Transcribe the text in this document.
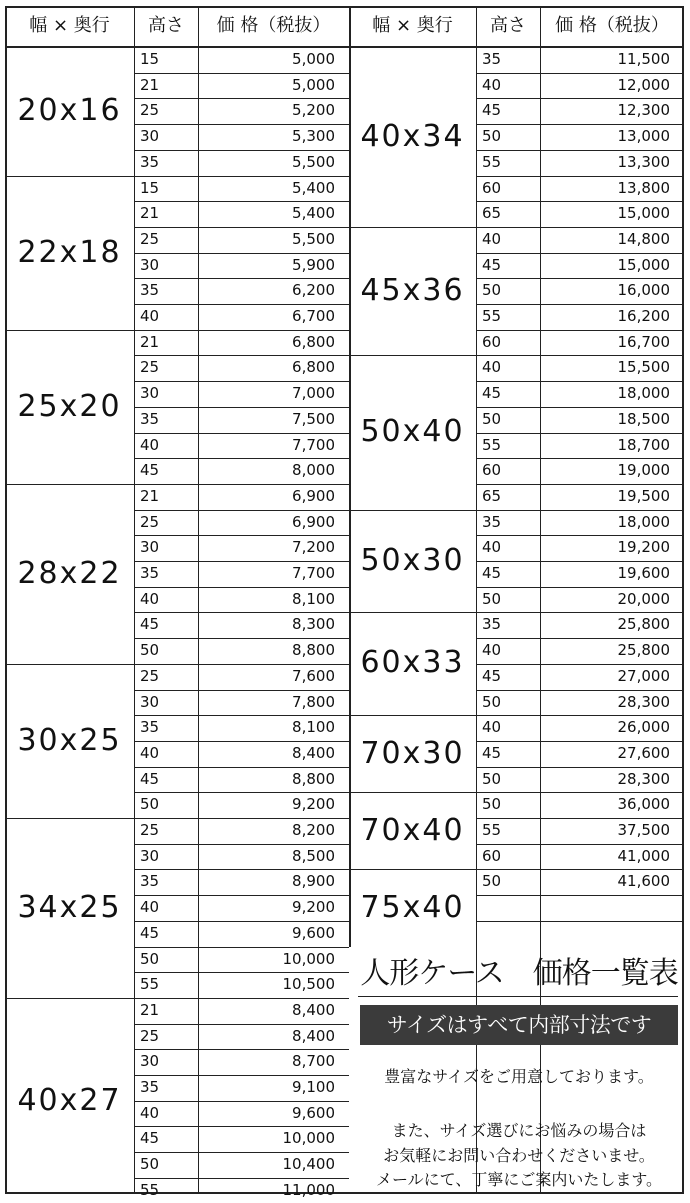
幅 × 奥行	高さ	価 格（税抜）	幅 × 奥行	高さ	価 格（税抜）
20x16
15	5,000
21	5,000
25	5,200
30	5,300
35	5,500
22x18
15	5,400
21	5,400
25	5,500
30	5,900
35	6,200
40	6,700
25x20
21	6,800
25	6,800
30	7,000
35	7,500
40	7,700
45	8,000
28x22
21	6,900
25	6,900
30	7,200
35	7,700
40	8,100
45	8,300
50	8,800
30x25
25	7,600
30	7,800
35	8,100
40	8,400
45	8,800
50	9,200
34x25
25	8,200
30	8,500
35	8,900
40	9,200
45	9,600
50	10,000
55	10,500
40x27
21	8,400
25	8,400
30	8,700
35	9,100
40	9,600
45	10,000
50	10,400
55	11,000
40x34
35	11,500
40	12,000
45	12,300
50	13,000
55	13,300
60	13,800
65	15,000
45x36
40	14,800
45	15,000
50	16,000
55	16,200
60	16,700
50x40
40	15,500
45	18,000
50	18,500
55	18,700
60	19,000
65	19,500
50x30
35	18,000
40	19,200
45	19,600
50	20,000
60x33
35	25,800
40	25,800
45	27,000
50	28,300
70x30
40	26,000
45	27,600
50	28,300
70x40
50	36,000
55	37,500
60	41,000
75x40
50	41,600
人形ケース　価格一覧表
サイズはすべて内部寸法です
豊富なサイズをご用意しております。
また、サイズ選びにお悩みの場合は
お気軽にお問い合わせくださいませ。
メールにて、丁寧にご案内いたします。
